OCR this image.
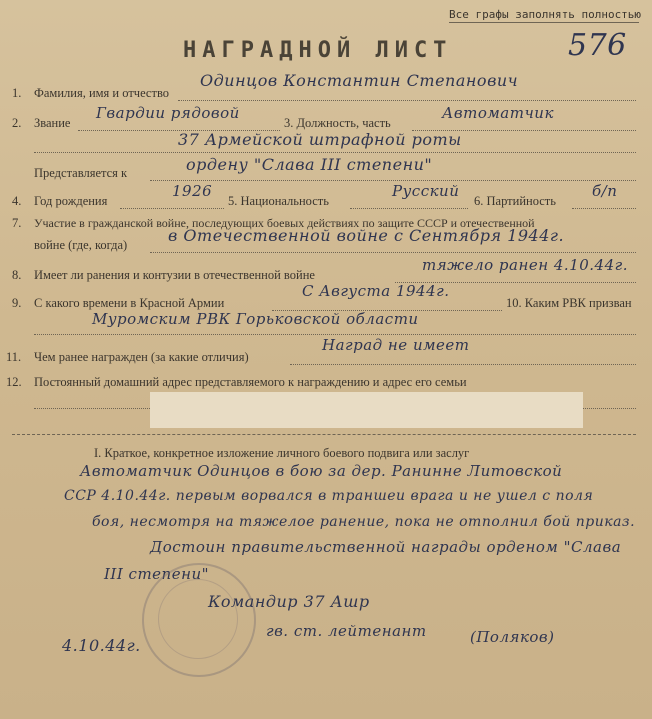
Все графы заполнять полностью
НАГРАДНОЙ ЛИСТ	576
1. Фамилия, имя и отчество
Одинцов Константин Степанович
2. Звание
Гвардии рядовой
3. Должность, часть
Автоматчик
37 Армейской штрафной роты
Представляется к	ордену "Слава III степени"
4. Год рождения
1926
5. Национальность
Русский
6. Партийность
б/п
7. Участие в гражданской войне, последующих боевых действиях по защите СССР и отечественной
войне (где, когда)	в Отечественной войне с Сентября 1944г.
8. Имеет ли ранения и контузии в отечественной войне
тяжело ранен 4.10.44г.
9. С какого времени в Красной Армии
С Августа 1944г.
10. Каким РВК призван
Муромским РВК Горьковской области
11. Чем ранее награжден (за какие отличия)
Наград не имеет
12. Постоянный домашний адрес представляемого к награждению и адрес его семьи
I. Краткое, конкретное изложение личного боевого подвига или заслуг
Автоматчик Одинцов в бою за дер. Ранинне Литовской
ССР 4.10.44г. первым ворвался в траншеи врага и не ушел с поля
боя, несмотря на тяжелое ранение, пока не отполнил бой приказ.
Достоин правительственной награды орденом "Слава
III степени"
Командир 37 Ашр
гв. ст. лейтенант	(Поляков)
4.10.44г.
